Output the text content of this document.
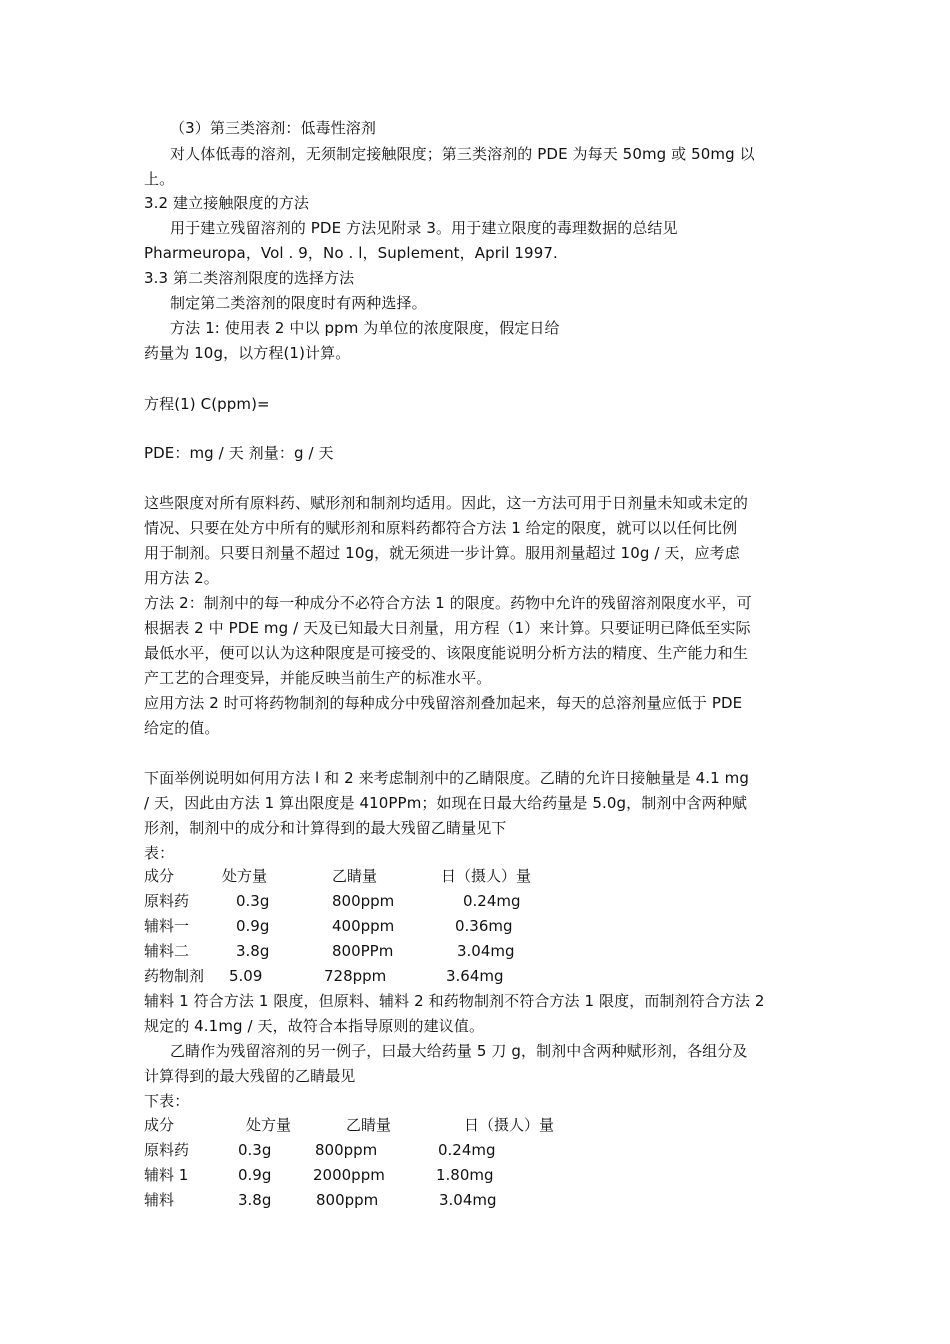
（3）第三类溶剂：低毒性溶剂
对人体低毒的溶剂，无须制定接触限度；第三类溶剂的 PDE 为每天 50mg 或 50mg 以
上。
3.2 建立接触限度的方法
用于建立残留溶剂的 PDE 方法见附录 3。用于建立限度的毒理数据的总结见
Pharmeuropa，Vol . 9，No . l，Suplement，April 1997.
3.3 第二类溶剂限度的选择方法
制定第二类溶剂的限度时有两种选择。
方法 1: 使用表 2 中以 ppm 为单位的浓度限度，假定日给
药量为 10g，以方程(1)计算。
方程(1) C(ppm)=
PDE：mg / 天 剂量：g / 天
这些限度对所有原料药、赋形剂和制剂均适用。因此，这一方法可用于日剂量未知或未定的
情况、只要在处方中所有的赋形剂和原料药都符合方法 1 给定的限度，就可以以任何比例
用于制剂。只要日剂量不超过 10g，就无须进一步计算。服用剂量超过 10g / 天，应考虑
用方法 2。
方法 2：制剂中的每一种成分不必符合方法 1 的限度。药物中允许的残留溶剂限度水平，可
根据表 2 中 PDE mg / 天及已知最大日剂量，用方程（1）来计算。只要证明已降低至实际
最低水平，便可以认为这种限度是可接受的、该限度能说明分析方法的精度、生产能力和生
产工艺的合理变异，并能反映当前生产的标准水平。
应用方法 2 时可将药物制剂的每种成分中残留溶剂叠加起来，每天的总溶剂量应低于 PDE
给定的值。
下面举例说明如何用方法 l 和 2 来考虑制剂中的乙睛限度。乙睛的允许日接触量是 4.1 mg
/ 天，因此由方法 1 算出限度是 410PPm；如现在日最大给药量是 5.0g，制剂中含两种赋
形剂，制剂中的成分和计算得到的最大残留乙睛量见下
表：
成分	处方量	乙睛量	日（摄人）量
原料药	0.3g	800ppm	0.24mg
辅料一	0.9g	400ppm	0.36mg
辅料二	3.8g	800PPm	3.04mg
药物制剂 5.09	728ppm	3.64mg
辅料 1 符合方法 1 限度，但原料、辅料 2 和药物制剂不符合方法 1 限度，而制剂符合方法 2
规定的 4.1mg / 天，故符合本指导原则的建议值。
乙睛作为残留溶剂的另一例子，曰最大给药量 5 刀 g，制剂中含两种赋形剂，各组分及
计算得到的最大残留的乙睛最见
下表：
成分	处方量	乙睛量	日（摄人）量
原料药	0.3g	800ppm	0.24mg
辅料 1	0.9g	2000ppm	1.80mg
辅料	3.8g	800ppm	3.04mg
